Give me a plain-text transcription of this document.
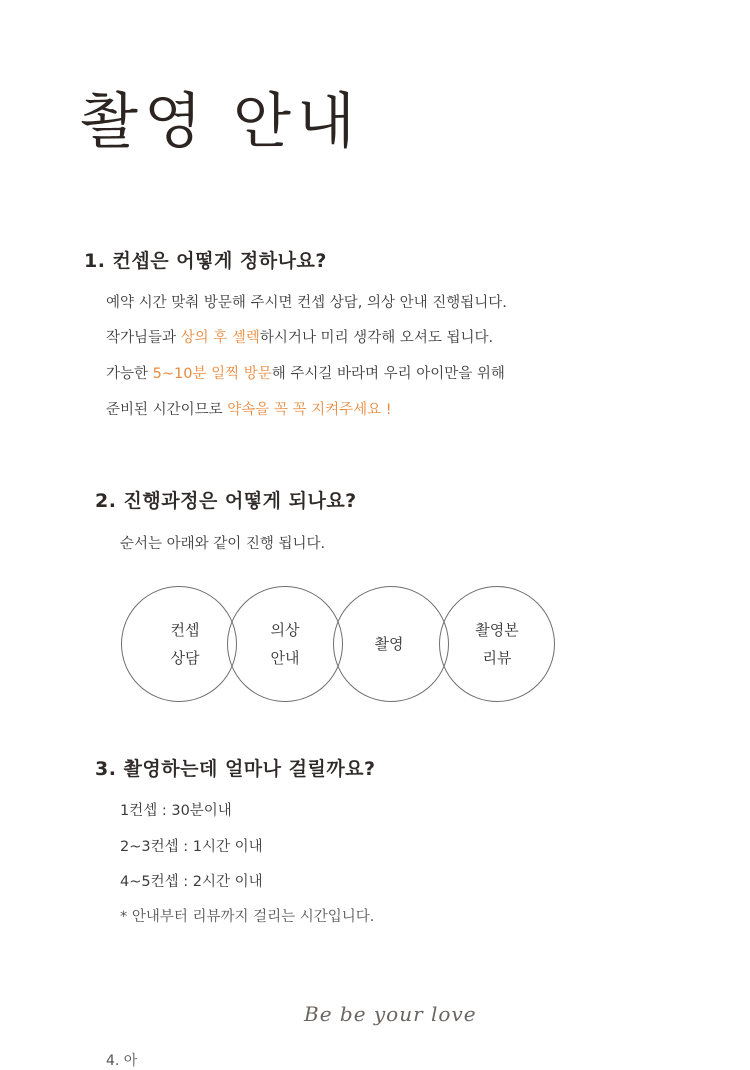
촬영 안내
1. 컨셉은 어떻게 정하나요?

예약 시간 맞춰 방문해 주시면 컨셉 상담, 의상 안내 진행됩니다.

작가님들과 상의 후 셀렉하시거나 미리 생각해 오셔도 됩니다.

가능한 5~10분 일찍 방문해 주시길 바라며 우리 아이만을 위해

준비된 시간이므로 약속을 꼭 꼭 지켜주세요 !

2. 진행과정은 어떻게 되나요?

순서는 아래와 같이 진행 됩니다.

컨셉
상담
의상
안내
촬영
촬영본
리뷰
3. 촬영하는데 얼마나 걸릴까요?

1컨셉 : 30분이내

2~3컨셉 : 1시간 이내

4~5컨셉 : 2시간 이내

* 안내부터 리뷰까지 걸리는 시간입니다.

Be be your love
4. 아
